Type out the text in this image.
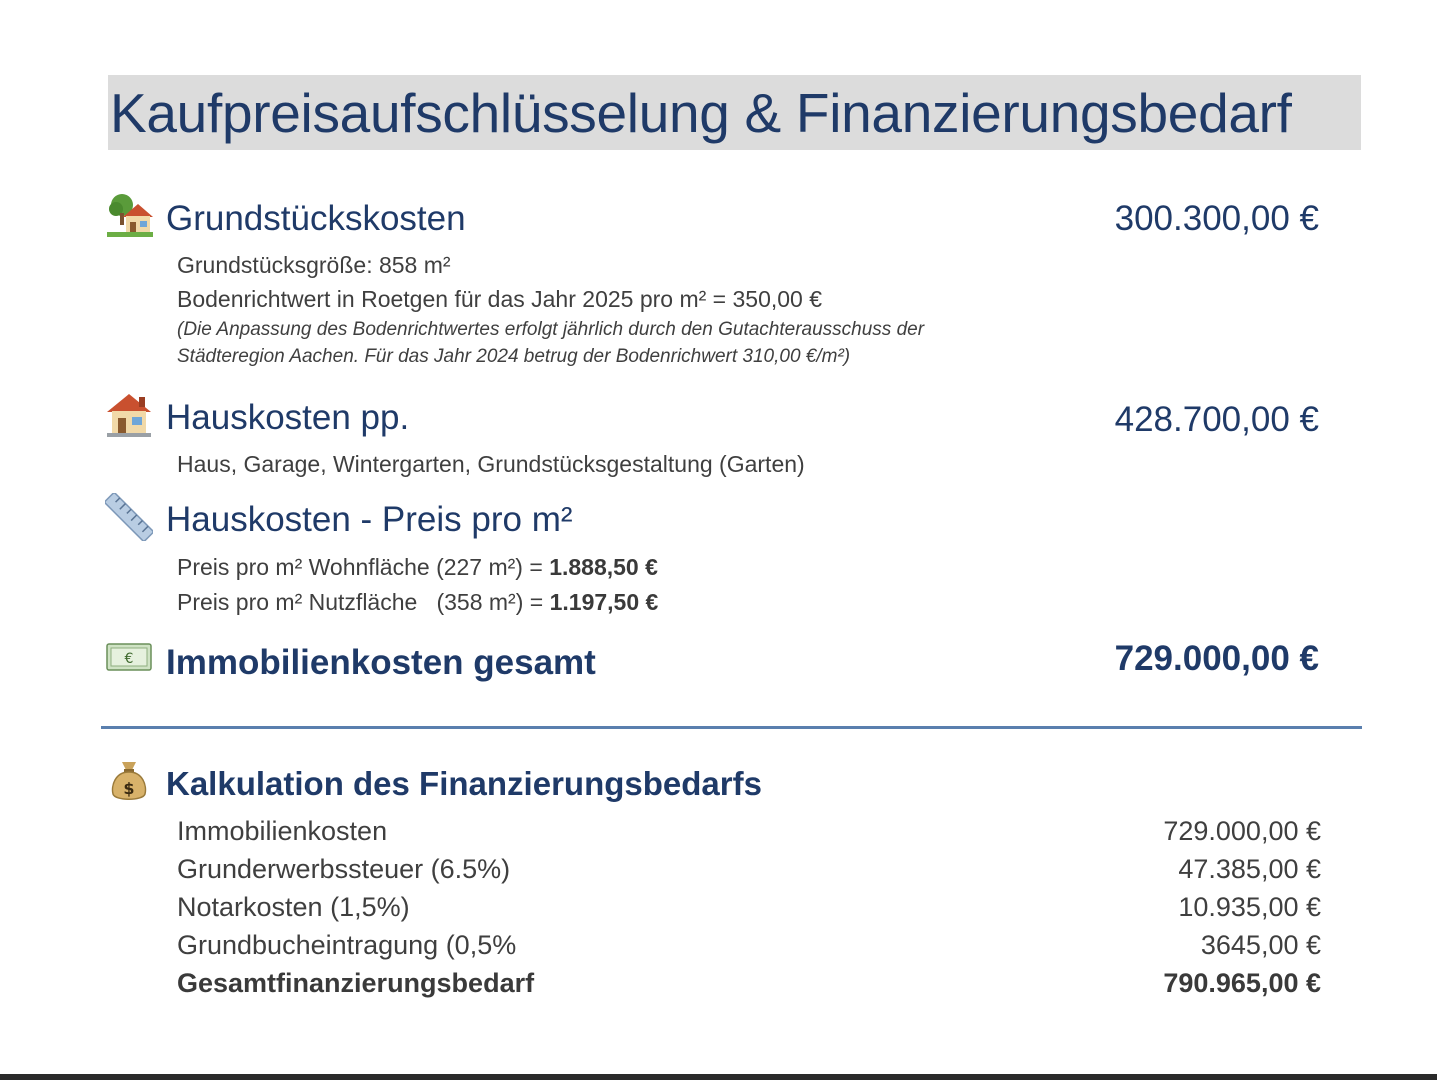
Kaufpreisaufschlüsselung & Finanzierungsbedarf
Grundstückskosten	300.300,00 €
Grundstücksgröße: 858 m²
Bodenrichtwert in Roetgen für das Jahr 2025 pro m² = 350,00 €
(Die Anpassung des Bodenrichtwertes erfolgt jährlich durch den Gutachterausschuss der
Städteregion Aachen. Für das Jahr 2024 betrug der Bodenrichwert 310,00 €/m²)
Hauskosten pp.	428.700,00 €
Haus, Garage, Wintergarten, Grundstücksgestaltung (Garten)
Hauskosten - Preis pro m²
Preis pro m² Wohnfläche (227 m²) = 1.888,50 €
Preis pro m² Nutzfläche   (358 m²) = 1.197,50 €
€ Immobilienkosten gesamt	729.000,00 €
$ Kalkulation des Finanzierungsbedarfs
Immobilienkosten	729.000,00 €
Grunderwerbssteuer (6.5%)	47.385,00 €
Notarkosten (1,5%)	10.935,00 €
Grundbucheintragung (0,5%	3645,00 €
Gesamtfinanzierungsbedarf	790.965,00 €
